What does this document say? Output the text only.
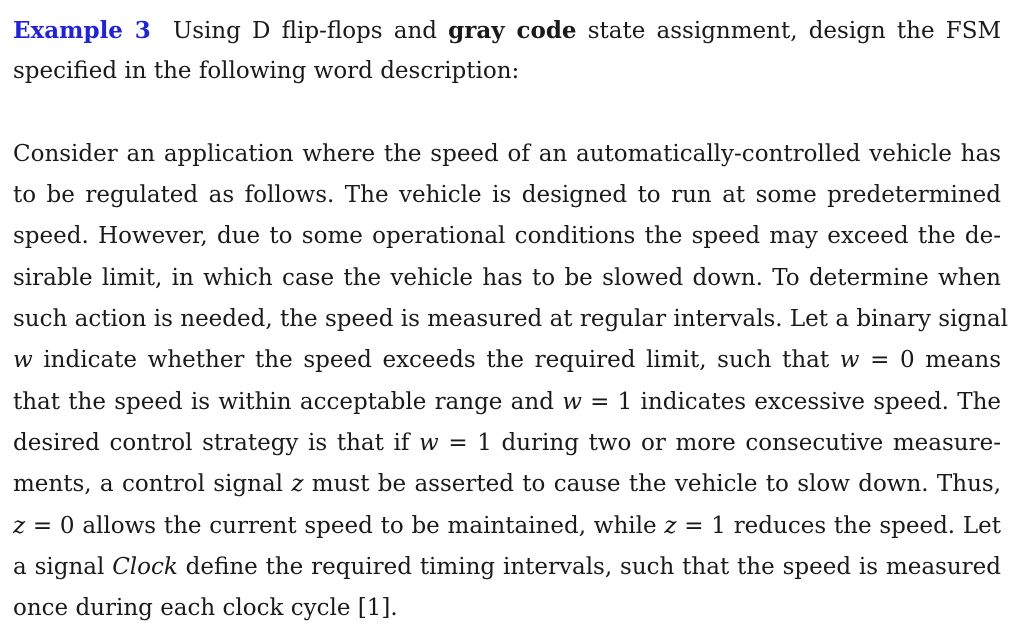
Example 3 Using D flip-flops and gray code state assignment, design the FSM
specified in the following word description:
Consider an application where the speed of an automatically-controlled vehicle has
to be regulated as follows. The vehicle is designed to run at some predetermined
speed. However, due to some operational conditions the speed may exceed the de-
sirable limit, in which case the vehicle has to be slowed down. To determine when
such action is needed, the speed is measured at regular intervals. Let a binary signal
w indicate whether the speed exceeds the required limit, such that w = 0 means
that the speed is within acceptable range and w = 1 indicates excessive speed. The
desired control strategy is that if w = 1 during two or more consecutive measure-
ments, a control signal z must be asserted to cause the vehicle to slow down. Thus,
z = 0 allows the current speed to be maintained, while z = 1 reduces the speed. Let
a signal Clock define the required timing intervals, such that the speed is measured
once during each clock cycle [1].
